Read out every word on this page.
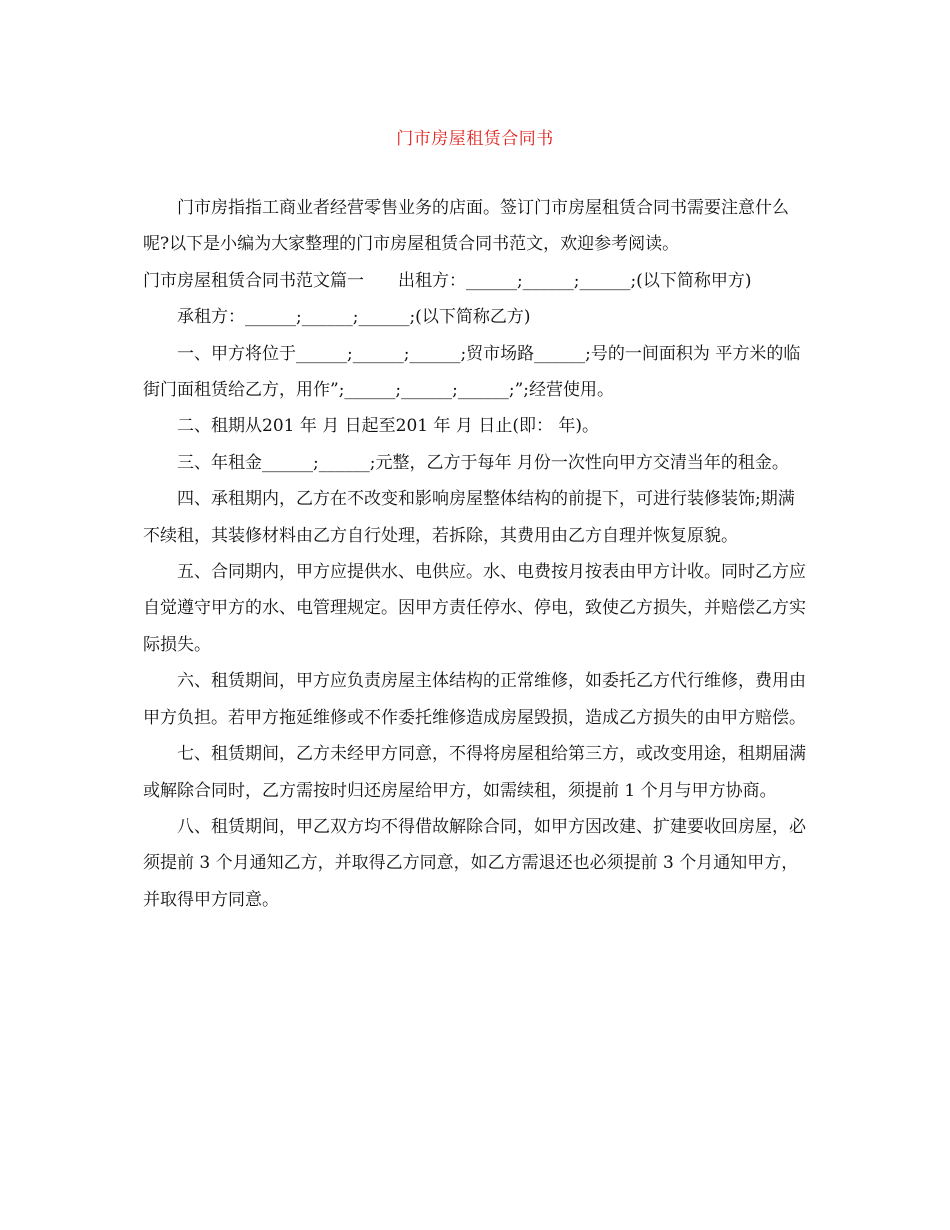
门市房屋租赁合同书

门市房指指工商业者经营零售业务的店面。签订门市房屋租赁合同书需要注意什么呢?以下是小编为大家整理的门市房屋租赁合同书范文，欢迎参考阅读。

门市房屋租赁合同书范文篇一　　出租方：______;______;______;(以下简称甲方)

承租方：______;______;______;(以下简称乙方)

一、甲方将位于______;______;______;贸市场路______;号的一间面积为 平方米的临街门面租赁给乙方，用作”;______;______;______;”;经营使用。

二、租期从201 年 月 日起至201 年 月 日止(即： 年)。

三、年租金______;______;元整，乙方于每年 月份一次性向甲方交清当年的租金。

四、承租期内，乙方在不改变和影响房屋整体结构的前提下，可进行装修装饰;期满不续租，其装修材料由乙方自行处理，若拆除，其费用由乙方自理并恢复原貌。

五、合同期内，甲方应提供水、电供应。水、电费按月按表由甲方计收。同时乙方应自觉遵守甲方的水、电管理规定。因甲方责任停水、停电，致使乙方损失，并赔偿乙方实际损失。

六、租赁期间，甲方应负责房屋主体结构的正常维修，如委托乙方代行维修，费用由甲方负担。若甲方拖延维修或不作委托维修造成房屋毁损，造成乙方损失的由甲方赔偿。

七、租赁期间，乙方未经甲方同意，不得将房屋租给第三方，或改变用途，租期届满或解除合同时，乙方需按时归还房屋给甲方，如需续租，须提前 1 个月与甲方协商。

八、租赁期间，甲乙双方均不得借故解除合同，如甲方因改建、扩建要收回房屋，必须提前 3 个月通知乙方，并取得乙方同意，如乙方需退还也必须提前 3 个月通知甲方，并取得甲方同意。
